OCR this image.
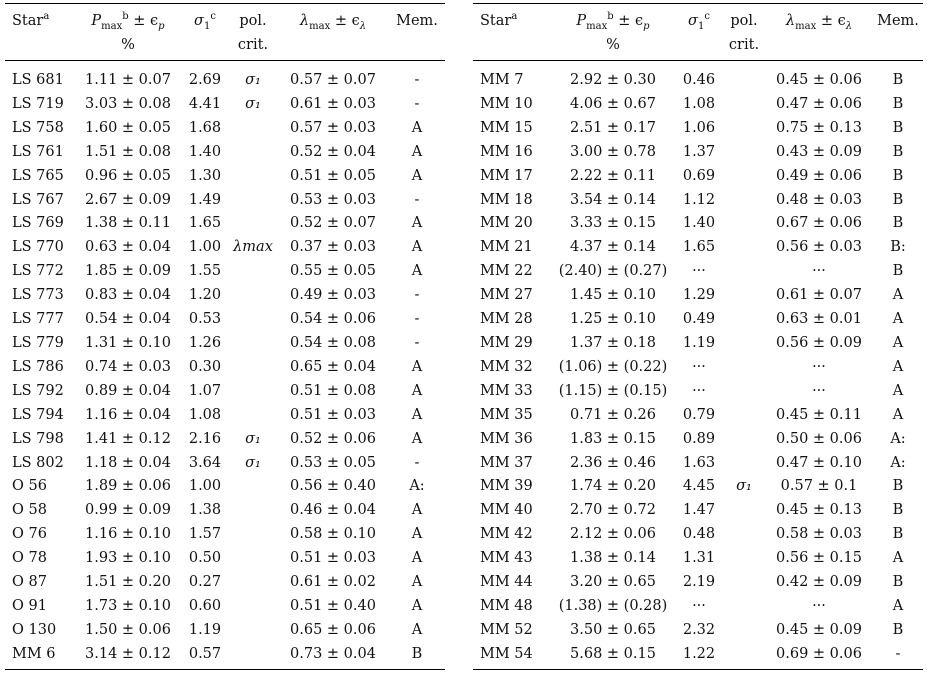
Star$^a$	$P_{max}^b \pm \epsilon_p$	$\sigma_1^c$	pol.	$\lambda_{max} \pm \epsilon_\lambda$	Mem.
	%		crit.		
LS 681	1.11 ± 0.07	2.69	σ₁	0.57 ± 0.07	-
LS 719	3.03 ± 0.08	4.41	σ₁	0.61 ± 0.03	-
LS 758	1.60 ± 0.05	1.68		0.57 ± 0.03	A
LS 761	1.51 ± 0.08	1.40		0.52 ± 0.04	A
LS 765	0.96 ± 0.05	1.30		0.51 ± 0.05	A
LS 767	2.67 ± 0.09	1.49		0.53 ± 0.03	-
LS 769	1.38 ± 0.11	1.65		0.52 ± 0.07	A
LS 770	0.63 ± 0.04	1.00	λmax	0.37 ± 0.03	A
LS 772	1.85 ± 0.09	1.55		0.55 ± 0.05	A
LS 773	0.83 ± 0.04	1.20		0.49 ± 0.03	-
LS 777	0.54 ± 0.04	0.53		0.54 ± 0.06	-
LS 779	1.31 ± 0.10	1.26		0.54 ± 0.08	-
LS 786	0.74 ± 0.03	0.30		0.65 ± 0.04	A
LS 792	0.89 ± 0.04	1.07		0.51 ± 0.08	A
LS 794	1.16 ± 0.04	1.08		0.51 ± 0.03	A
LS 798	1.41 ± 0.12	2.16	σ₁	0.52 ± 0.06	A
LS 802	1.18 ± 0.04	3.64	σ₁	0.53 ± 0.05	-
O 56	1.89 ± 0.06	1.00		0.56 ± 0.40	A:
O 58	0.99 ± 0.09	1.38		0.46 ± 0.04	A
O 76	1.16 ± 0.10	1.57		0.58 ± 0.10	A
O 78	1.93 ± 0.10	0.50		0.51 ± 0.03	A
O 87	1.51 ± 0.20	0.27		0.61 ± 0.02	A
O 91	1.73 ± 0.10	0.60		0.51 ± 0.40	A
O 130	1.50 ± 0.06	1.19		0.65 ± 0.06	A
MM 6	3.14 ± 0.12	0.57		0.73 ± 0.04	B
Star$^a$	$P_{max}^b \pm \epsilon_p$	$\sigma_1^c$	pol.	$\lambda_{max} \pm \epsilon_\lambda$	Mem.
	%		crit.		
MM 7	2.92 ± 0.30	0.46		0.45 ± 0.06	B
MM 10	4.06 ± 0.67	1.08		0.47 ± 0.06	B
MM 15	2.51 ± 0.17	1.06		0.75 ± 0.13	B
MM 16	3.00 ± 0.78	1.37		0.43 ± 0.09	B
MM 17	2.22 ± 0.11	0.69		0.49 ± 0.06	B
MM 18	3.54 ± 0.14	1.12		0.48 ± 0.03	B
MM 20	3.33 ± 0.15	1.40		0.67 ± 0.06	B
MM 21	4.37 ± 0.14	1.65		0.56 ± 0.03	B:
MM 22	(2.40) ± (0.27)	···		···	B
MM 27	1.45 ± 0.10	1.29		0.61 ± 0.07	A
MM 28	1.25 ± 0.10	0.49		0.63 ± 0.01	A
MM 29	1.37 ± 0.18	1.19		0.56 ± 0.09	A
MM 32	(1.06) ± (0.22)	···		···	A
MM 33	(1.15) ± (0.15)	···		···	A
MM 35	0.71 ± 0.26	0.79		0.45 ± 0.11	A
MM 36	1.83 ± 0.15	0.89		0.50 ± 0.06	A:
MM 37	2.36 ± 0.46	1.63		0.47 ± 0.10	A:
MM 39	1.74 ± 0.20	4.45	σ₁	0.57 ± 0.1	B
MM 40	2.70 ± 0.72	1.47		0.45 ± 0.13	B
MM 42	2.12 ± 0.06	0.48		0.58 ± 0.03	B
MM 43	1.38 ± 0.14	1.31		0.56 ± 0.15	A
MM 44	3.20 ± 0.65	2.19		0.42 ± 0.09	B
MM 48	(1.38) ± (0.28)	···		···	A
MM 52	3.50 ± 0.65	2.32		0.45 ± 0.09	B
MM 54	5.68 ± 0.15	1.22		0.69 ± 0.06	-
